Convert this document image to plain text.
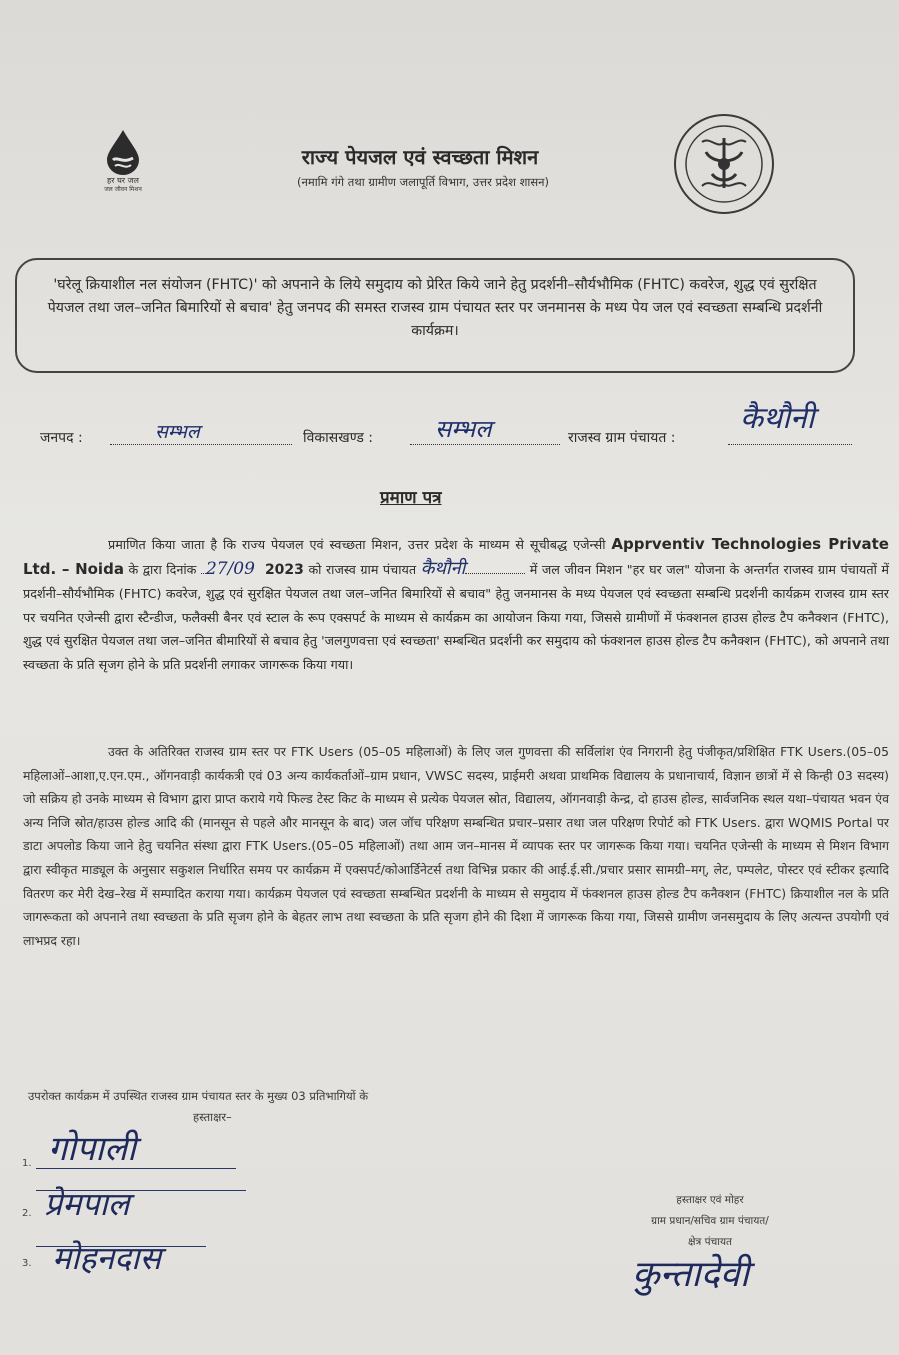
हर घर जल
जल जीवन मिशन
राज्य पेयजल एवं स्वच्छता मिशन
(नमामि गंगे तथा ग्रामीण जलापूर्ति विभाग, उत्तर प्रदेश शासन)
'घरेलू क्रियाशील नल संयोजन (FHTC)' को अपनाने के लिये समुदाय को प्रेरित किये जाने हेतु प्रदर्शनी–सौर्यभौमिक (FHTC) कवरेज, शुद्ध एवं सुरक्षित पेयजल तथा जल–जनित बिमारियों से बचाव' हेतु जनपद की समस्त राजस्व ग्राम पंचायत स्तर पर जनमानस के मध्य पेय जल एवं स्वच्छता सम्बन्धि प्रदर्शनी कार्यक्रम।
जनपद :	सम्भल	विकासखण्ड :	सम्भल	राजस्व ग्राम पंचायत :
कैथौनी
प्रमाण पत्र

प्रमाणित किया जाता है कि राज्य पेयजल एवं स्वच्छता मिशन, उत्तर प्रदेश के माध्यम से सूचीबद्ध एजेन्सी Apprventiv Technologies Private Ltd. – Noida के द्वारा दिनांक 27/09 2023 को राजस्व ग्राम पंचायत कैथौनी	में जल जीवन मिशन "हर घर जल" योजना के अन्तर्गत राजस्व ग्राम पंचायतों में प्रदर्शनी–सौर्यभौमिक (FHTC) कवरेज, शुद्ध एवं सुरक्षित पेयजल तथा जल–जनित बिमारियों से बचाव" हेतु जनमानस के मध्य पेयजल एवं स्वच्छता सम्बन्धि प्रदर्शनी कार्यक्रम राजस्व ग्राम स्तर पर चयनित एजेन्सी द्वारा स्टैन्डीज, फलैक्सी बैनर एवं स्टाल के रूप एक्सपर्ट के माध्यम से कार्यक्रम का आयोजन किया गया, जिससे ग्रामीणों में फंक्शनल हाउस होल्ड टैप कनैक्शन (FHTC), शुद्ध एवं सुरक्षित पेयजल तथा जल–जनित बीमारियों से बचाव हेतु 'जलगुणवत्ता एवं स्वच्छता' सम्बन्धित प्रदर्शनी कर समुदाय को फंक्शनल हाउस होल्ड टैप कनैक्शन (FHTC), को अपनाने तथा स्वच्छता के प्रति सृजग होने के प्रति प्रदर्शनी लगाकर जागरूक किया गया।

उक्त के अतिरिक्त राजस्व ग्राम स्तर पर FTK Users (05–05 महिलाओं) के लिए जल गुणवत्ता की सर्विलांश एंव निगरानी हेतु पंजीकृत/प्रशिक्षित FTK Users.(05–05 महिलाओं–आशा,ए.एन.एम., ऑगनवाड़ी कार्यकत्री एवं 03 अन्य कार्यकर्ताओं–ग्राम प्रधान, VWSC सदस्य, प्राईमरी अथवा प्राथमिक विद्यालय के प्रधानाचार्य, विज्ञान छात्रों में से किन्ही 03 सदस्य) जो सक्रिय हो उनके माध्यम से विभाग द्वारा प्राप्त कराये गये फिल्ड टेस्ट किट के माध्यम से प्रत्येक पेयजल स्रोत, विद्यालय, ऑगनवाड़ी केन्द्र, दो हाउस होल्ड, सार्वजनिक स्थल यथा–पंचायत भवन एंव अन्य निजि स्रोत/हाउस होल्ड आदि की (मानसून से पहले और मानसून के बाद) जल जॉच परिक्षण सम्बन्धित प्रचार–प्रसार तथा जल परिक्षण रिपोर्ट को FTK Users. द्वारा WQMIS Portal पर डाटा अपलोड किया जाने हेतु चयनित संस्था द्वारा FTK Users.(05–05 महिलाओं) तथा आम जन–मानस में व्यापक स्तर पर जागरूक किया गया। चयनित एजेन्सी के माध्यम से मिशन विभाग द्वारा स्वीकृत माड्यूल के अनुसार सकुशल निर्धारित समय पर कार्यक्रम में एक्सपर्ट/कोआर्डिनेटर्स तथा विभिन्न प्रकार की आई.ई.सी./प्रचार प्रसार सामग्री–मग्, लेट, पम्पलेट, पोस्टर एवं स्टीकर इत्यादि वितरण कर मेरी देख–रेख में सम्पादित कराया गया। कार्यक्रम पेयजल एवं स्वच्छता सम्बन्धित प्रदर्शनी के माध्यम से समुदाय में फंक्शनल हाउस होल्ड टैप कनैक्शन (FHTC) क्रियाशील नल के प्रति जागरूकता को अपनाने तथा स्वच्छता के प्रति सृजग होने के बेहतर लाभ तथा स्वच्छता के प्रति सृजग होने की दिशा में जागरूक किया गया, जिससे ग्रामीण जनसमुदाय के लिए अत्यन्त उपयोगी एवं लाभप्रद रहा।

उपरोक्त कार्यक्रम में उपस्थित राजस्व ग्राम पंचायत स्तर के मुख्य 03 प्रतिभागियों के
हस्ताक्षर–
1. गोपाली
2. प्रेमपाल
3. मोहनदास
हस्ताक्षर एवं मोहर
ग्राम प्रधान/सचिव ग्राम पंचायत/
क्षेत्र पंचायत
कुन्तादेवी
